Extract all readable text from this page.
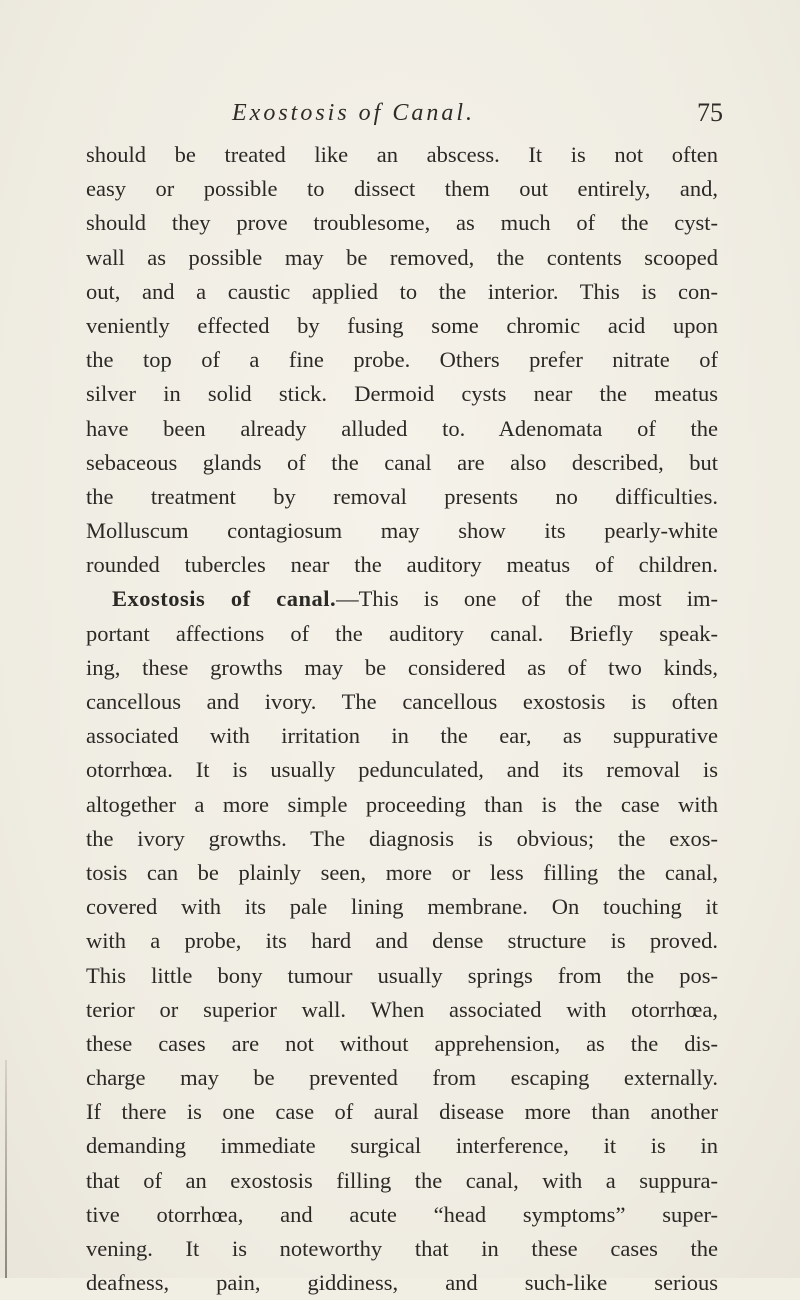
Exostosis of Canal.	75
should be treated like an abscess. It is not often
easy or possible to dissect them out entirely, and,
should they prove troublesome, as much of the cyst-
wall as possible may be removed, the contents scooped
out, and a caustic applied to the interior. This is con-
veniently effected by fusing some chromic acid upon
the top of a fine probe. Others prefer nitrate of
silver in solid stick. Dermoid cysts near the meatus
have been already alluded to. Adenomata of the
sebaceous glands of the canal are also described, but
the treatment by removal presents no difficulties.
Molluscum contagiosum may show its pearly-white
rounded tubercles near the auditory meatus of children.
Exostosis of canal.—This is one of the most im-
portant affections of the auditory canal. Briefly speak-
ing, these growths may be considered as of two kinds,
cancellous and ivory. The cancellous exostosis is often
associated with irritation in the ear, as suppurative
otorrhœa. It is usually pedunculated, and its removal is
altogether a more simple proceeding than is the case with
the ivory growths. The diagnosis is obvious; the exos-
tosis can be plainly seen, more or less filling the canal,
covered with its pale lining membrane. On touching it
with a probe, its hard and dense structure is proved.
This little bony tumour usually springs from the pos-
terior or superior wall. When associated with otorrhœa,
these cases are not without apprehension, as the dis-
charge may be prevented from escaping externally.
If there is one case of aural disease more than another
demanding immediate surgical interference, it is in
that of an exostosis filling the canal, with a suppura-
tive otorrhœa, and acute “head symptoms” super-
vening. It is noteworthy that in these cases the
deafness, pain, giddiness, and such-like serious
